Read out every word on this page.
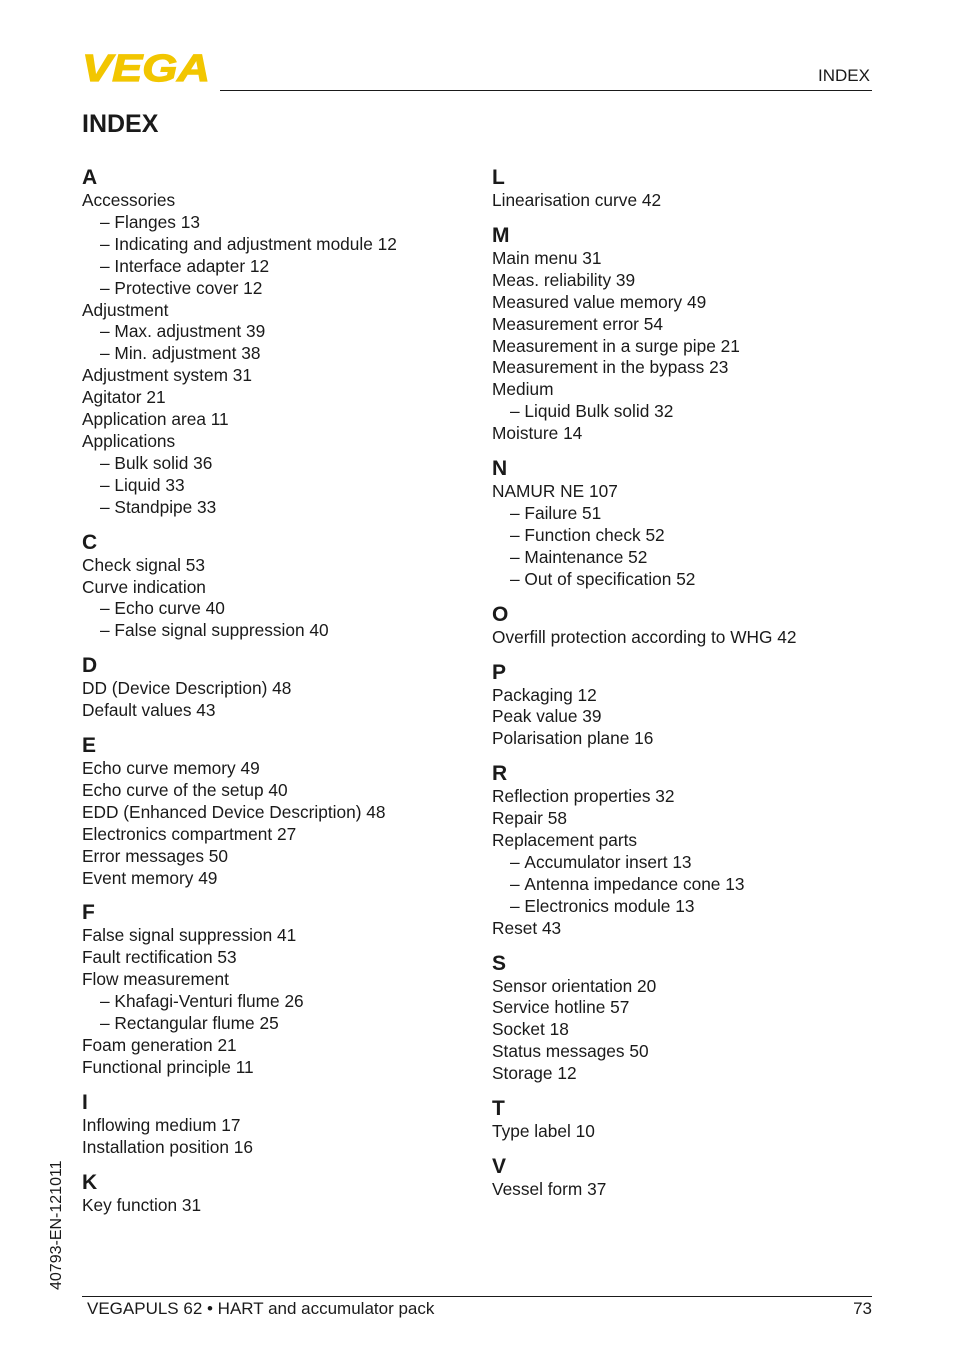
VEGA	INDEX
INDEX
A
Accessories
– Flanges 13
– Indicating and adjustment module 12
– Interface adapter 12
– Protective cover 12
Adjustment
– Max. adjustment 39
– Min. adjustment 38
Adjustment system 31
Agitator 21
Application area 11
Applications
– Bulk solid 36
– Liquid 33
– Standpipe 33
C
Check signal 53
Curve indication
– Echo curve 40
– False signal suppression 40
D
DD (Device Description) 48
Default values 43
E
Echo curve memory 49
Echo curve of the setup 40
EDD (Enhanced Device Description) 48
Electronics compartment 27
Error messages 50
Event memory 49
F
False signal suppression 41
Fault rectification 53
Flow measurement
– Khafagi-Venturi flume 26
– Rectangular flume 25
Foam generation 21
Functional principle 11
I
Inflowing medium 17
Installation position 16
K
Key function 31
L
Linearisation curve 42
M
Main menu 31
Meas. reliability 39
Measured value memory 49
Measurement error 54
Measurement in a surge pipe 21
Measurement in the bypass 23
Medium
– Liquid Bulk solid 32
Moisture 14
N
NAMUR NE 107
– Failure 51
– Function check 52
– Maintenance 52
– Out of specification 52
O
Overfill protection according to WHG 42
P
Packaging 12
Peak value 39
Polarisation plane 16
R
Reflection properties 32
Repair 58
Replacement parts
– Accumulator insert 13
– Antenna impedance cone 13
– Electronics module 13
Reset 43
S
Sensor orientation 20
Service hotline 57
Socket 18
Status messages 50
Storage 12
T
Type label 10
V
Vessel form 37
40793-EN-121011
VEGAPULS 62 • HART and accumulator pack	73
